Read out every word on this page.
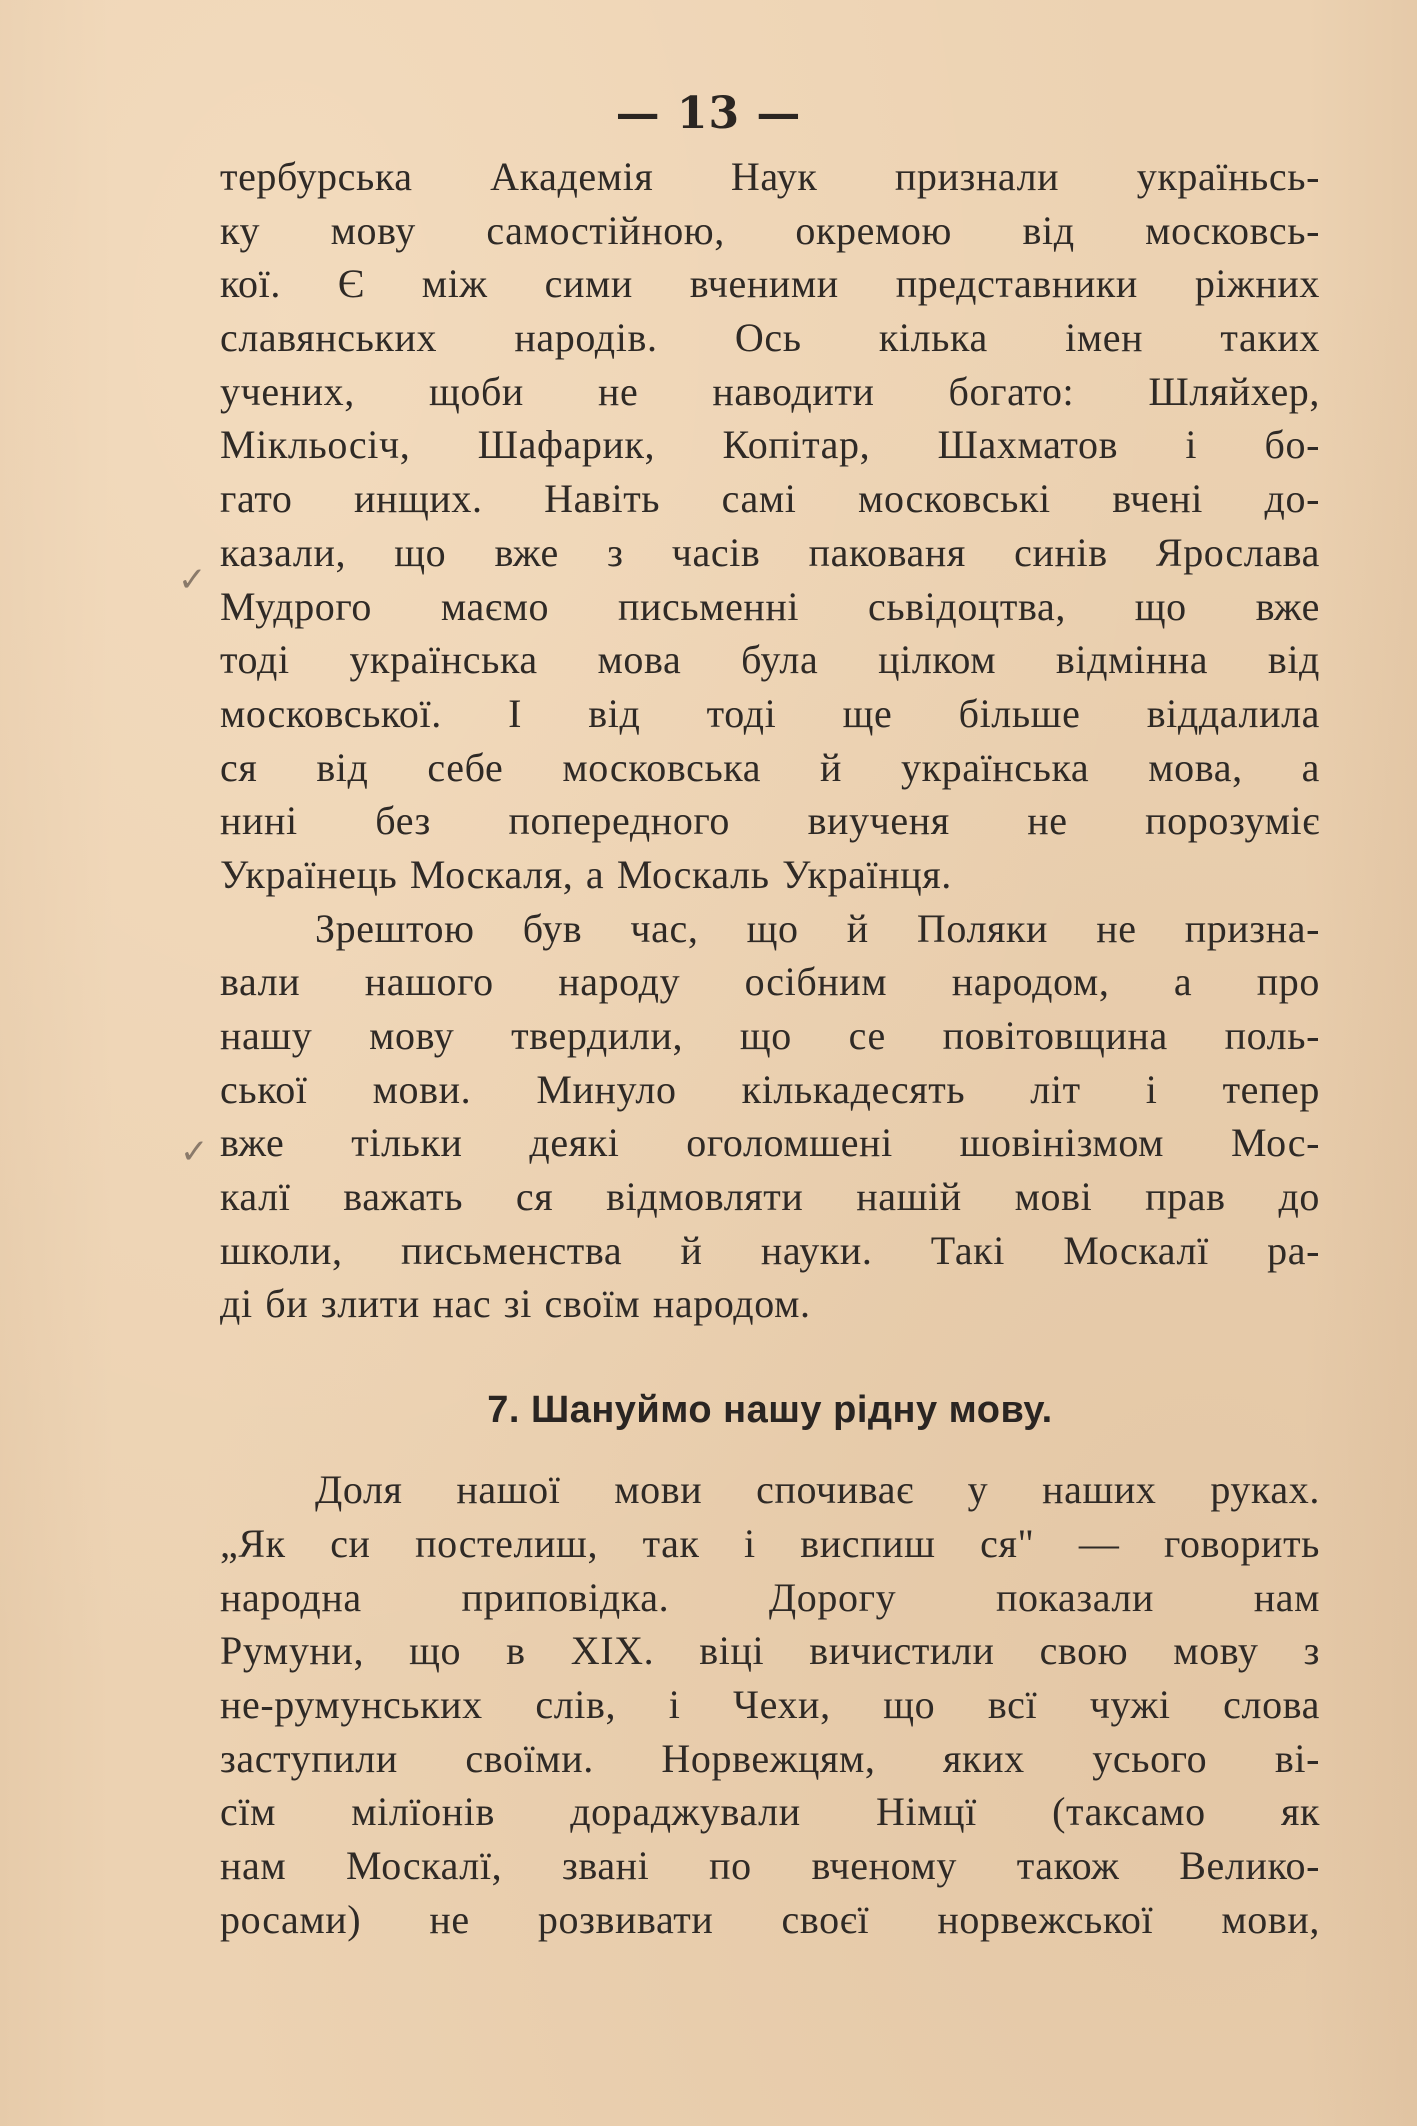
— 13 —
тербурська Академія Наук признали україньсь-
ку мову самостійною, окремою від московсь-
кої. Є між сими вченими представники ріжних
славянських народів. Ось кілька імен таких
учених, щоби не наводити богато: Шляйхер,
Мікльосіч, Шафарик, Копітар, Шахматов і бо-
гато инщих. Навіть самі московські вчені до-
казали, що вже з часів пакованя синів Ярослава
Мудрого маємо письменні сьвідоцтва, що вже
тоді українська мова була цілком відмінна від
московської. І від тоді ще більше віддалила
ся від себе московська й українська мова, а
нині без попередного виученя не порозуміє
Українець Москаля, а Москаль Українця.
Зрештою був час, що й Поляки не призна-
вали нашого народу осібним народом, а про
нашу мову твердили, що се повітовщина поль-
ської мови. Минуло кількадесять літ і тепер
вже тільки деякі оголомшені шовінізмом Мос-
калї важать ся відмовляти нашій мові прав до
школи, письменства й науки. Такі Москалї ра-
ді би злити нас зі своїм народом.
7. Шануймо нашу рідну мову.
Доля нашої мови спочиває у наших руках.
„Як си постелиш, так і виспиш ся" — говорить
народна приповідка. Дорогу показали нам
Румуни, що в XIX. віці вичистили свою мову з
не-румунських слів, і Чехи, що всї чужі слова
заступили своїми. Норвежцям, яких усього ві-
сїм мілїонів дораджували Німцї (таксамо як
нам Москалї, звані по вченому також Велико-
росами) не розвивати своєї норвежської мови,
✓
✓
